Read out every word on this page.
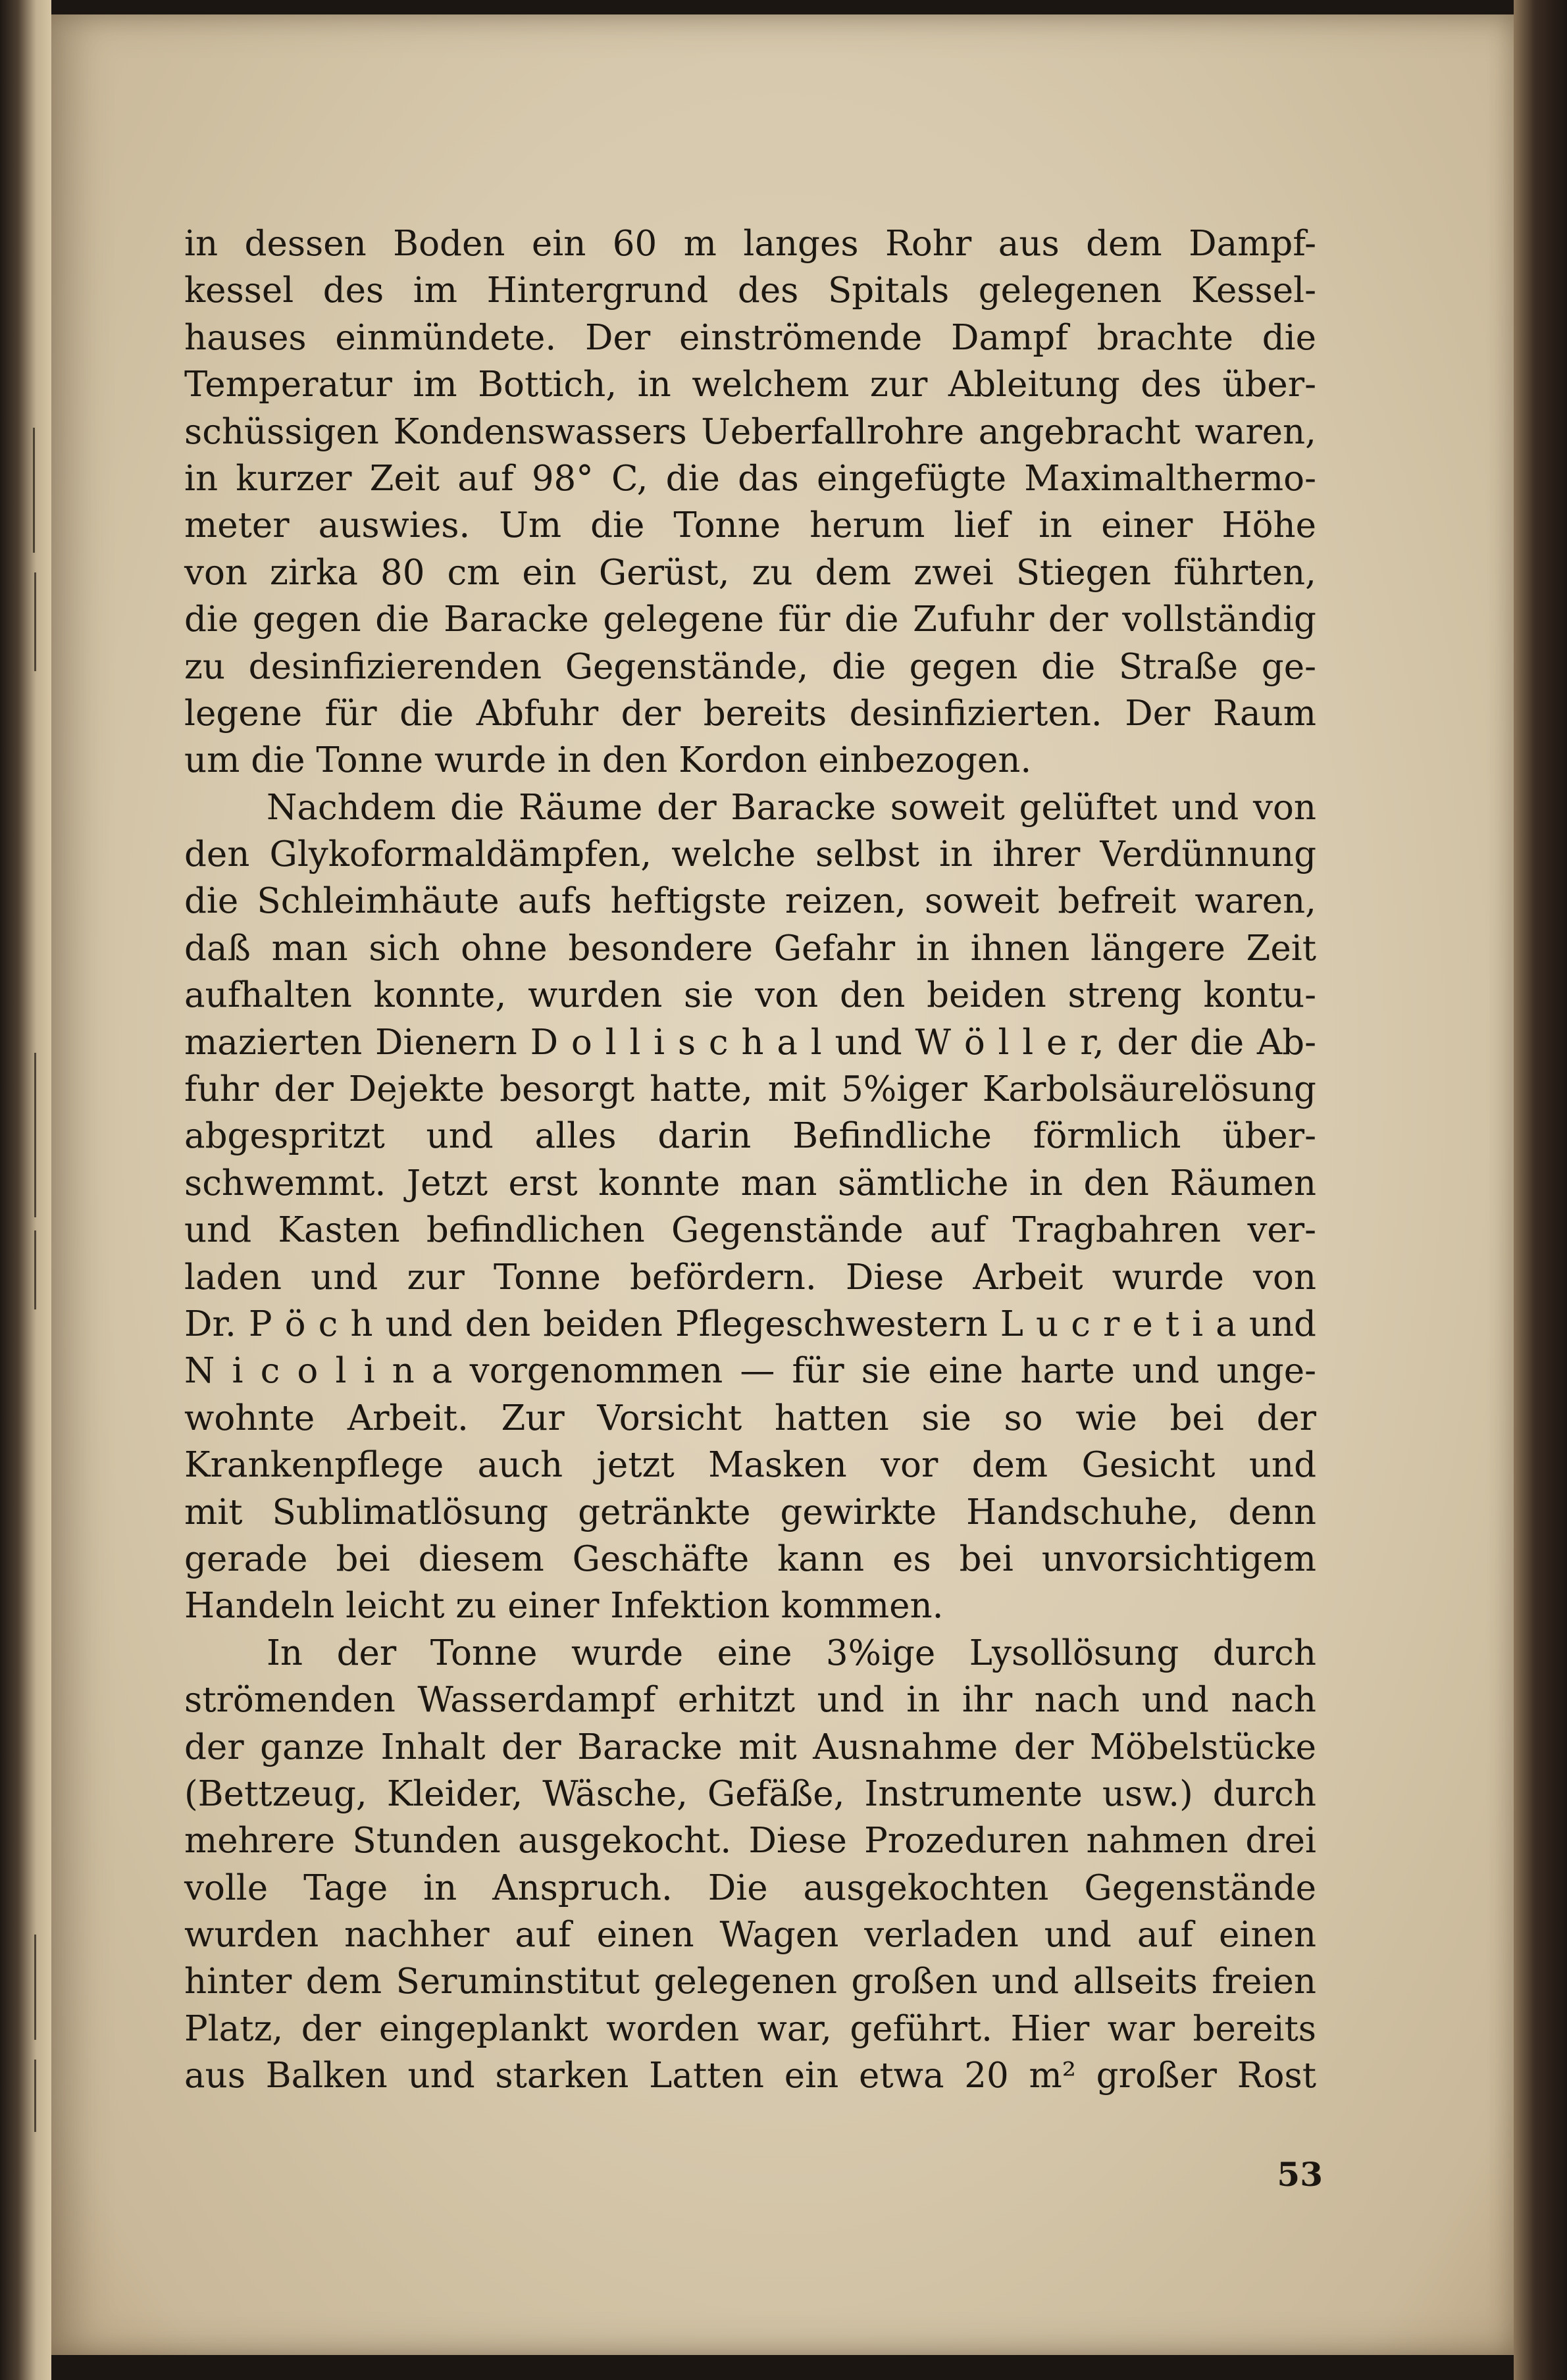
in dessen Boden ein 60 m langes Rohr aus dem Dampf-
kessel des im Hintergrund des Spitals gelegenen Kessel-
hauses einmündete. Der einströmende Dampf brachte die
Temperatur im Bottich, in welchem zur Ableitung des über-
schüssigen Kondenswassers Ueberfallrohre angebracht waren,
in kurzer Zeit auf 98° C, die das eingefügte Maximalthermo-
meter auswies. Um die Tonne herum lief in einer Höhe
von zirka 80 cm ein Gerüst, zu dem zwei Stiegen führten,
die gegen die Baracke gelegene für die Zufuhr der vollständig
zu desinfizierenden Gegenstände, die gegen die Straße ge-
legene für die Abfuhr der bereits desinfizierten. Der Raum
um die Tonne wurde in den Kordon einbezogen.
Nachdem die Räume der Baracke soweit gelüftet und von
den Glykoformaldämpfen, welche selbst in ihrer Verdünnung
die Schleimhäute aufs heftigste reizen, soweit befreit waren,
daß man sich ohne besondere Gefahr in ihnen längere Zeit
aufhalten konnte, wurden sie von den beiden streng kontu-
mazierten Dienern D o l l i s c h a l und W ö l l e r, der die Ab-
fuhr der Dejekte besorgt hatte, mit 5%iger Karbolsäurelösung
abgespritzt und alles darin Befindliche förmlich über-
schwemmt. Jetzt erst konnte man sämtliche in den Räumen
und Kasten befindlichen Gegenstände auf Tragbahren ver-
laden und zur Tonne befördern. Diese Arbeit wurde von
Dr. P ö c h und den beiden Pflegeschwestern L u c r e t i a und
N i c o l i n a vorgenommen — für sie eine harte und unge-
wohnte Arbeit. Zur Vorsicht hatten sie so wie bei der
Krankenpflege auch jetzt Masken vor dem Gesicht und
mit Sublimatlösung getränkte gewirkte Handschuhe, denn
gerade bei diesem Geschäfte kann es bei unvorsichtigem
Handeln leicht zu einer Infektion kommen.
In der Tonne wurde eine 3%ige Lysollösung durch
strömenden Wasserdampf erhitzt und in ihr nach und nach
der ganze Inhalt der Baracke mit Ausnahme der Möbelstücke
(Bettzeug, Kleider, Wäsche, Gefäße, Instrumente usw.) durch
mehrere Stunden ausgekocht. Diese Prozeduren nahmen drei
volle Tage in Anspruch. Die ausgekochten Gegenstände
wurden nachher auf einen Wagen verladen und auf einen
hinter dem Seruminstitut gelegenen großen und allseits freien
Platz, der eingeplankt worden war, geführt. Hier war bereits
aus Balken und starken Latten ein etwa 20 m² großer Rost
53
